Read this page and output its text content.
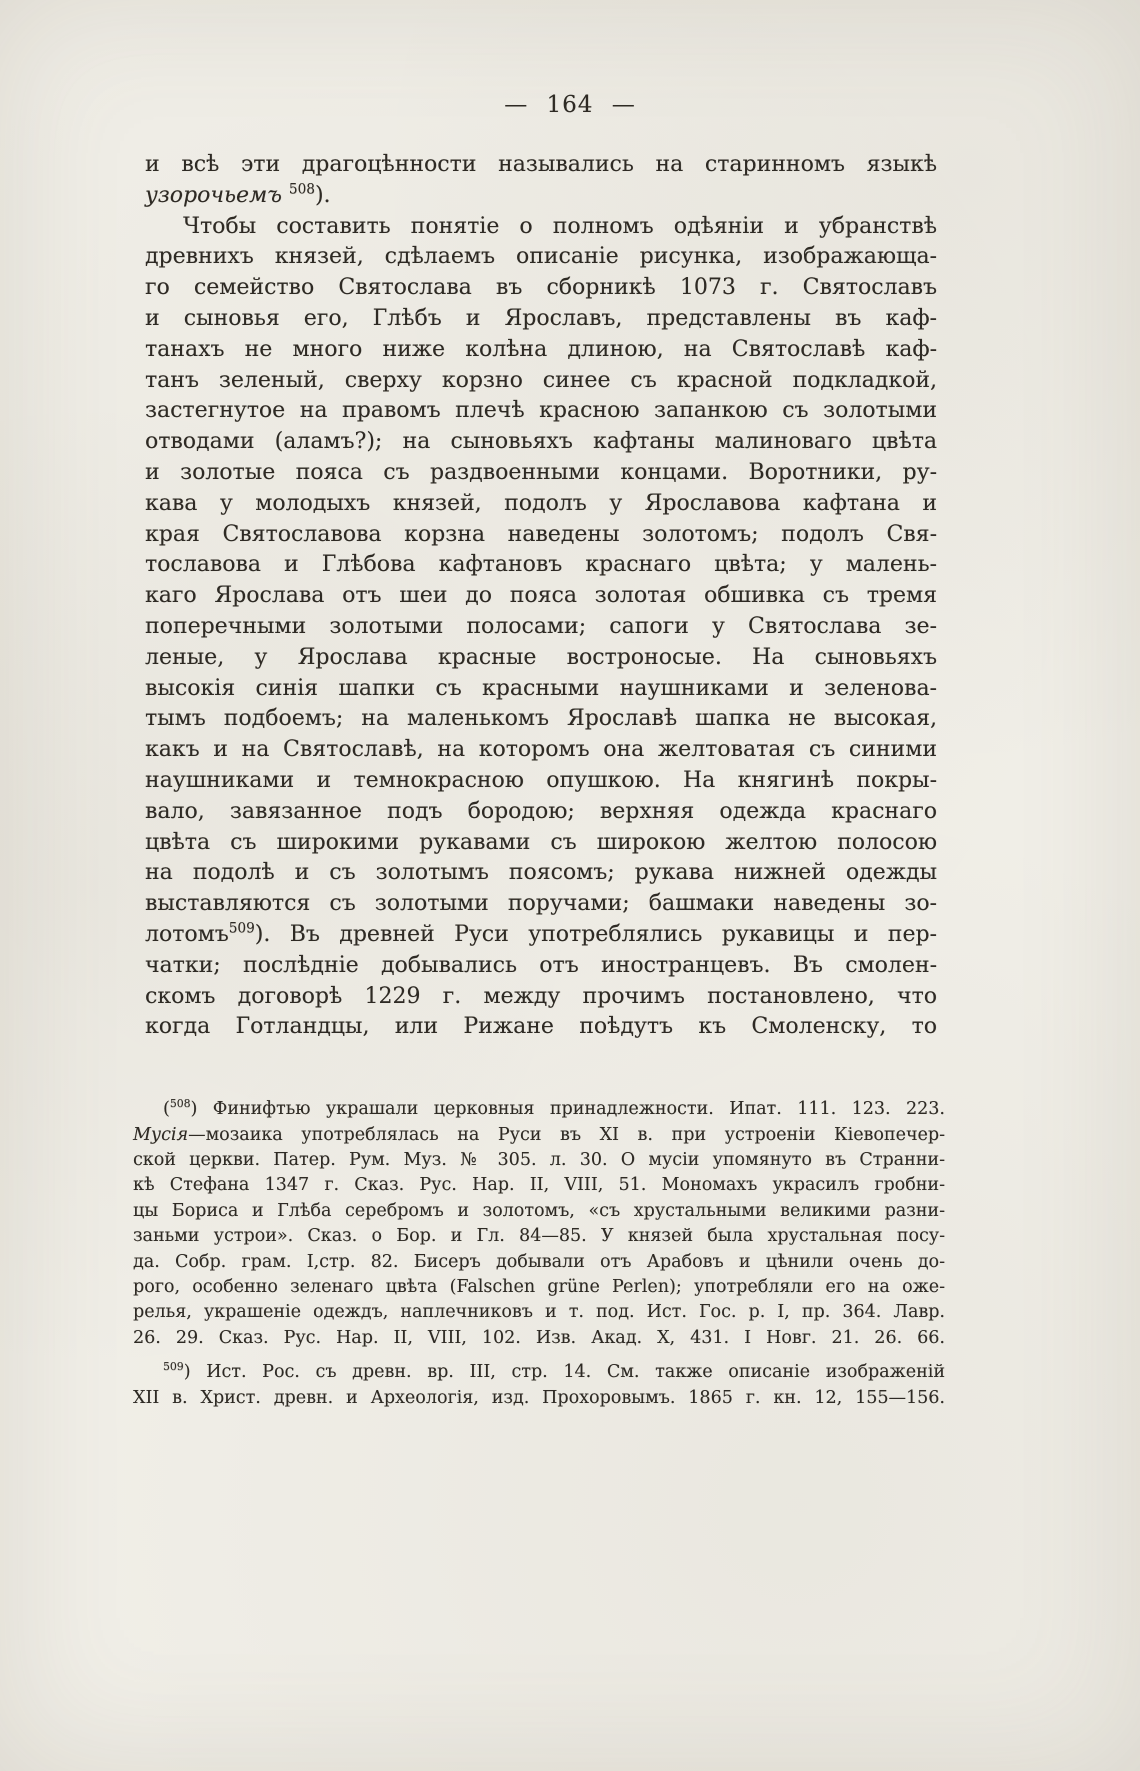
— 164 —
и всѣ эти драгоцѣнности назывались на старинномъ языкѣ
узорочьемъ $^{508}$).
Чтобы составить понятіе о полномъ одѣяніи и убранствѣ
древнихъ князей, сдѣлаемъ описаніе рисунка, изображающа-
го семейство Святослава въ сборникѣ 1073 г. Святославъ
и сыновья его, Глѣбъ и Ярославъ, представлены въ каф-
танахъ не много ниже колѣна длиною, на Святославѣ каф-
танъ зеленый, сверху корзно синее съ красной подкладкой,
застегнутое на правомъ плечѣ красною запанкою съ золотыми
отводами (аламъ?); на сыновьяхъ кафтаны малиноваго цвѣта
и золотые пояса съ раздвоенными концами. Воротники, ру-
кава у молодыхъ князей, подолъ у Ярославова кафтана и
края Святославова корзна наведены золотомъ; подолъ Свя-
тославова и Глѣбова кафтановъ краснаго цвѣта; у малень-
каго Ярослава отъ шеи до пояса золотая обшивка съ тремя
поперечными золотыми полосами; сапоги у Святослава зе-
леные, у Ярослава красные востроносые. На сыновьяхъ
высокія синія шапки съ красными наушниками и зеленова-
тымъ подбоемъ; на маленькомъ Ярославѣ шапка не высокая,
какъ и на Святославѣ, на которомъ она желтоватая съ синими
наушниками и темнокрасною опушкою. На княгинѣ покры-
вало, завязанное подъ бородою; верхняя одежда краснаго
цвѣта съ широкими рукавами съ широкою желтою полосою
на подолѣ и съ золотымъ поясомъ; рукава нижней одежды
выставляются съ золотыми поручами; башмаки наведены зо-
лотомъ$^{509}$). Въ древней Руси употреблялись рукавицы и пер-
чатки; послѣдніе добывались отъ иностранцевъ. Въ смолен-
скомъ договорѣ 1229 г. между прочимъ постановлено, что
когда Готландцы, или Рижане поѣдутъ къ Смоленску, то
($^{508}$) Финифтью украшали церковныя принадлежности. Ипат. 111. 123. 223.
Мусія—мозаика употреблялась на Руси въ XI в. при устроеніи Кіевопечер-
ской церкви. Патер. Рум. Муз. № 305. л. 30. О мусіи упомянуто въ Странни-
кѣ Стефана 1347 г. Сказ. Рус. Нар. II, VIII, 51. Мономахъ украсилъ гробни-
цы Бориса и Глѣба серебромъ и золотомъ, «съ хрустальными великими разни-
заньми устрои». Сказ. о Бор. и Гл. 84—85. У князей была хрустальная посу-
да. Собр. грам. I,стр. 82. Бисеръ добывали отъ Арабовъ и цѣнили очень до-
рого, особенно зеленаго цвѣта (Falschen grüne Perlen); употребляли его на оже-
релья, украшеніе одеждъ, наплечниковъ и т. под. Ист. Гос. р. I, пр. 364. Лавр.
26. 29. Сказ. Рус. Нар. II, VIII, 102. Изв. Акад. X, 431. I Новг. 21. 26. 66.
$^{509}$) Ист. Рос. съ древн. вр. III, стр. 14. См. также описаніе изображеній
XII в. Христ. древн. и Археологія, изд. Прохоровымъ. 1865 г. кн. 12, 155—156.
